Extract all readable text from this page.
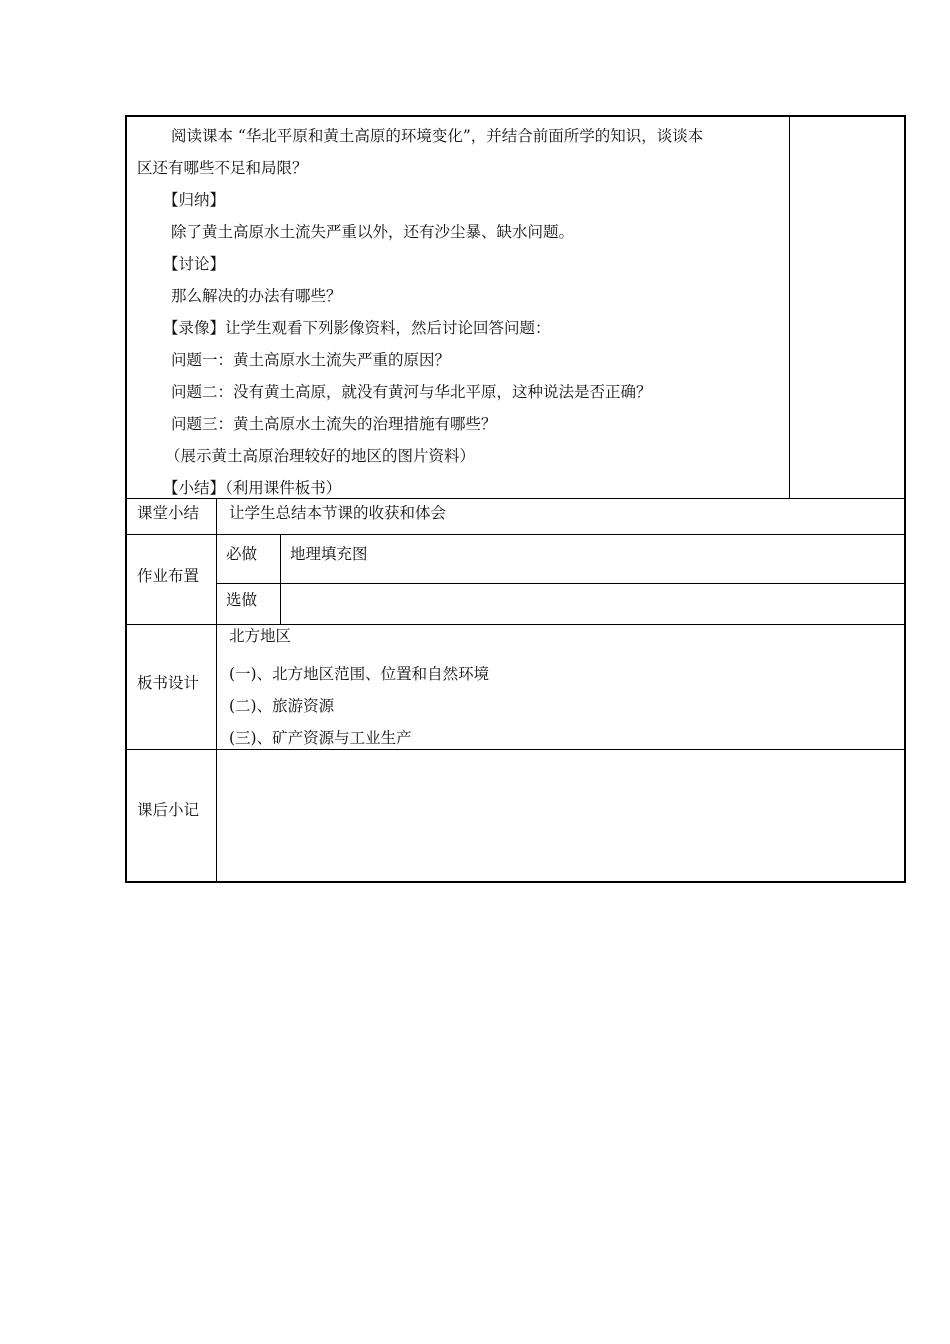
阅读课本 “华北平原和黄土高原的环境变化”，并结合前面所学的知识，谈谈本
区还有哪些不足和局限？
【归纳】
除了黄土高原水土流失严重以外，还有沙尘暴、缺水问题。
【讨论】
那么解决的办法有哪些？
【录像】让学生观看下列影像资料，然后讨论回答问题：
问题一：黄土高原水土流失严重的原因？
问题二：没有黄土高原，就没有黄河与华北平原，这种说法是否正确？
问题三：黄土高原水土流失的治理措施有哪些？
（展示黄土高原治理较好的地区的图片资料）
【小结】（利用课件板书）
课堂小结 让学生总结本节课的收获和体会
作业布置
必做 地理填充图
选做
板书设计
北方地区
(一)、北方地区范围、位置和自然环境
(二)、旅游资源
(三)、矿产资源与工业生产
课后小记
